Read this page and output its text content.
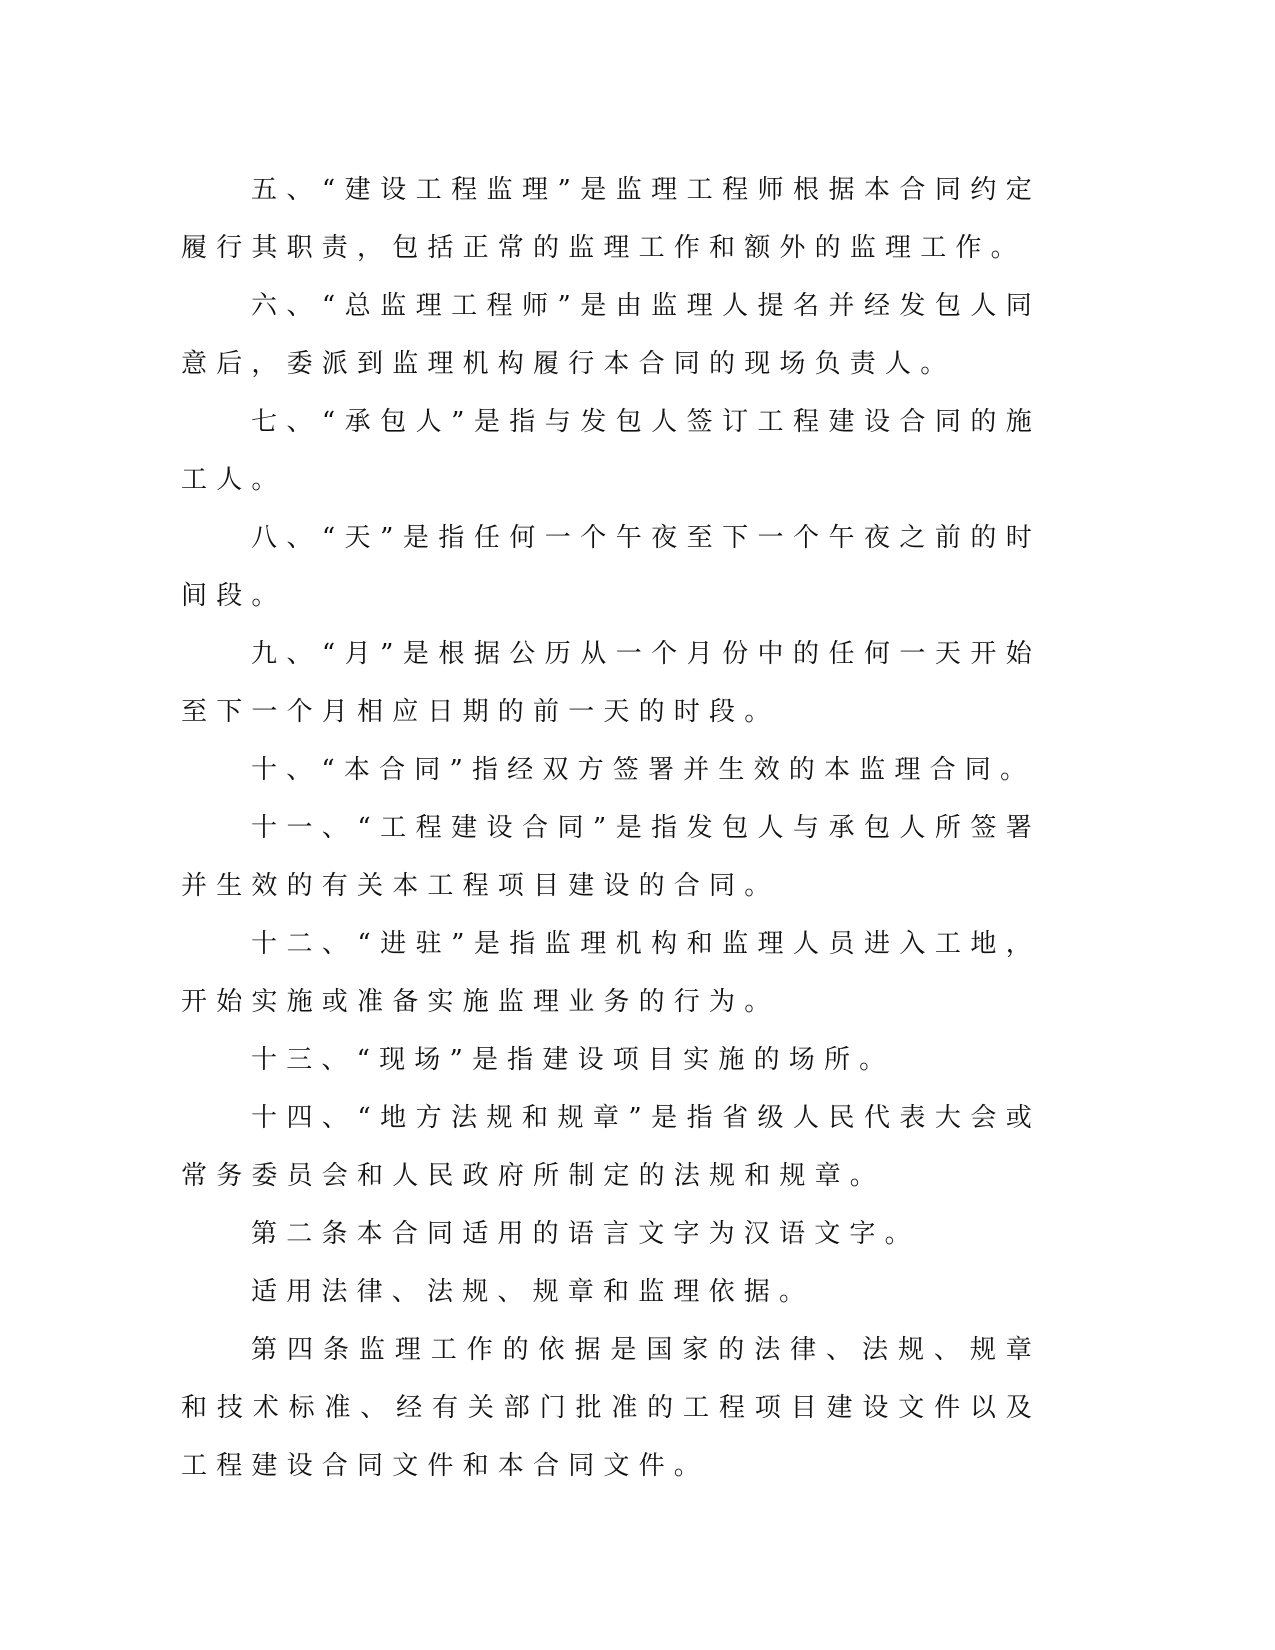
五、“建设工程监理”是监理工程师根据本合同约定履行其职责，包括正常的监理工作和额外的监理工作。

六、“总监理工程师”是由监理人提名并经发包人同意后，委派到监理机构履行本合同的现场负责人。

七、“承包人”是指与发包人签订工程建设合同的施工人。

八、“天”是指任何一个午夜至下一个午夜之前的时间段。

九、“月”是根据公历从一个月份中的任何一天开始至下一个月相应日期的前一天的时段。

十、“本合同”指经双方签署并生效的本监理合同。

十一、“工程建设合同”是指发包人与承包人所签署并生效的有关本工程项目建设的合同。

十二、“进驻”是指监理机构和监理人员进入工地，开始实施或准备实施监理业务的行为。

十三、“现场”是指建设项目实施的场所。

十四、“地方法规和规章”是指省级人民代表大会或常务委员会和人民政府所制定的法规和规章。

第二条本合同适用的语言文字为汉语文字。

适用法律、法规、规章和监理依据。

第四条监理工作的依据是国家的法律、法规、规章和技术标准、经有关部门批准的工程项目建设文件以及工程建设合同文件和本合同文件。
